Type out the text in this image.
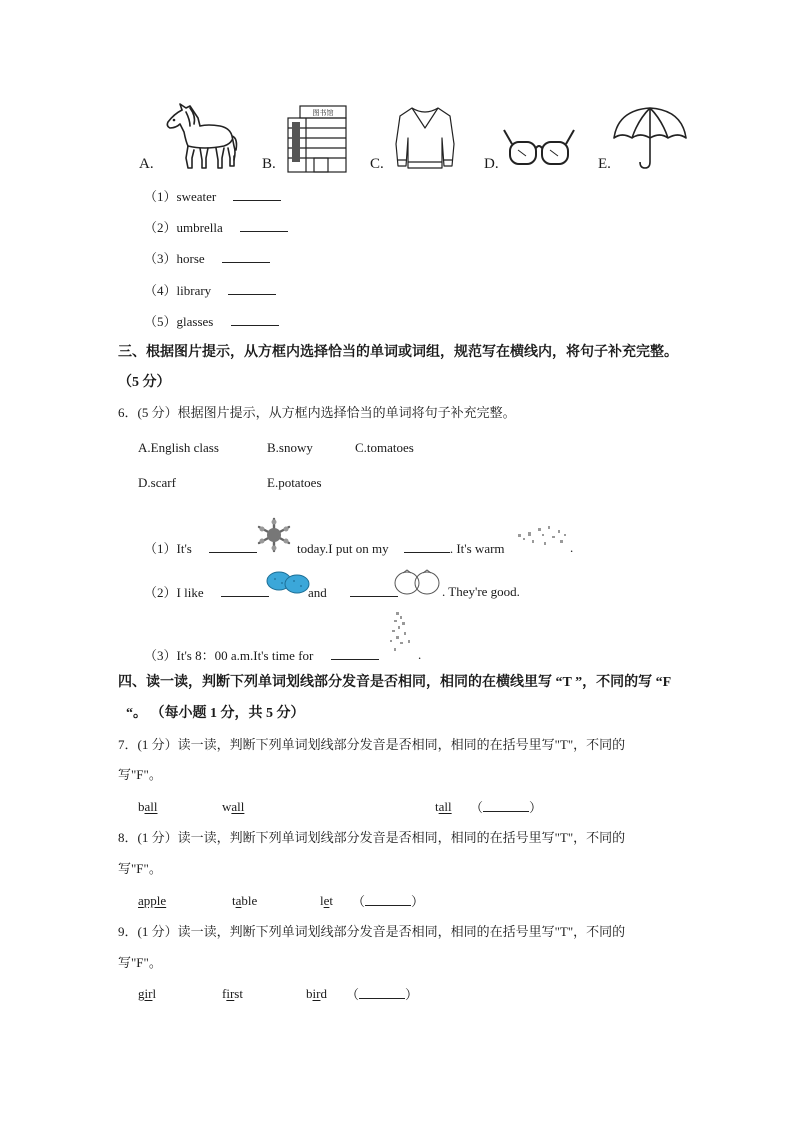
A.	B.
图书馆
C.	D.	E.
（1）sweater
（2）umbrella
（3）horse
（4）library
（5）glasses
三、根据图片提示，从方框内选择恰当的单词或词组，规范写在横线内，将句子补充完整。
（5 分）
6．(5 分）根据图片提示，从方框内选择恰当的单词将句子补充完整。
A.English class	B.snowy	C.tomatoes
D.scarf	E.potatoes
（1）It's	today.I put on my	. It's warm	.
（2）I like	and	. They're good.
（3）It's 8：00 a.m.It's time for	.
四、读一读，判断下列单词划线部分发音是否相同，相同的在横线里写 “T ”，不同的写 “F
“。 （每小题 1 分，共 5 分）
7．(1 分）读一读，判断下列单词划线部分发音是否相同，相同的在括号里写"T"，不同的
写"F"。
ball	wall	tall （	）
8．(1 分）读一读，判断下列单词划线部分发音是否相同，相同的在括号里写"T"，不同的
写"F"。
apple	table	let （	）
9．(1 分）读一读，判断下列单词划线部分发音是否相同，相同的在括号里写"T"，不同的
写"F"。
girl	first	bird （	）
